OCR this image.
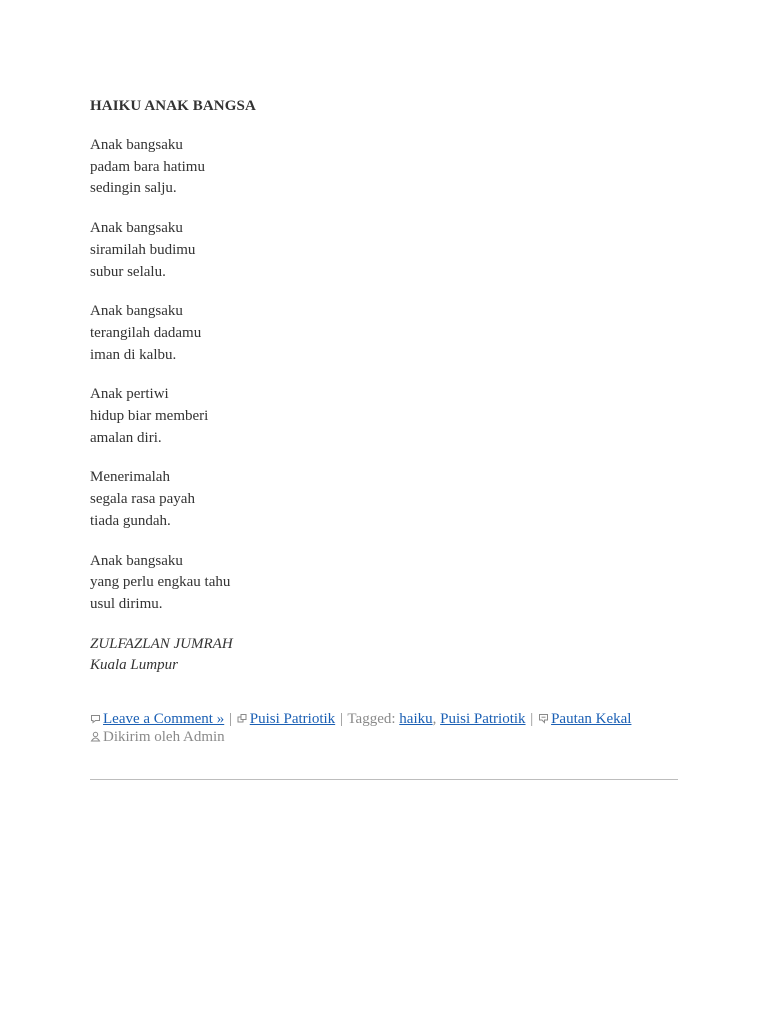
HAIKU ANAK BANGSA
Anak bangsaku
padam bara hatimu
sedingin salju.
Anak bangsaku
siramilah budimu
subur selalu.
Anak bangsaku
terangilah dadamu
iman di kalbu.
Anak pertiwi
hidup biar memberi
amalan diri.
Menerimalah
segala rasa payah
tiada gundah.
Anak bangsaku
yang perlu engkau tahu
usul dirimu.
ZULFAZLAN JUMRAH
Kuala Lumpur
Leave a Comment » | Puisi Patriotik | Tagged: haiku, Puisi Patriotik | Pautan Kekal
Dikirim oleh Admin
